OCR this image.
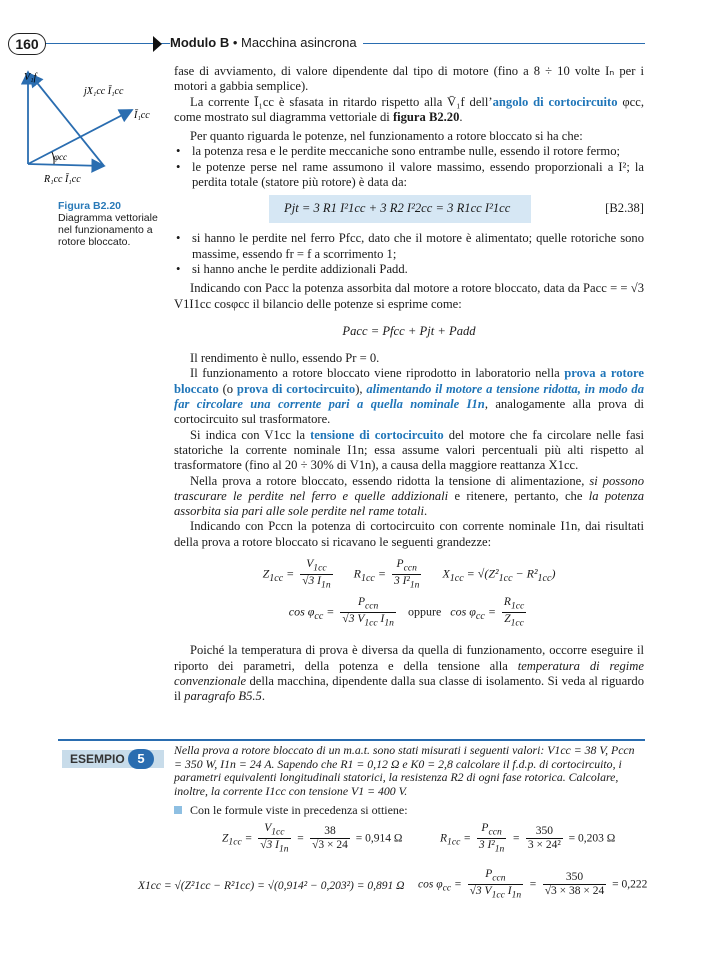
160	Modulo B • Macchina asincrona
V₁f
jX₁cc Ī₁cc
Ī₁cc
φcc
R₁cc Ī₁cc
Figura B2.20
Diagramma vettoriale nel funzionamento a rotore bloccato.

fase di avviamento, di valore dipendente dal tipo di motore (fino a 8 ÷ 10 volte Iₙ per i motori a gabbia semplice).

La corrente Ī₁cc è sfasata in ritardo rispetto alla V̄₁f dell’angolo di cortocircuito φcc, come mostrato sul diagramma vettoriale di figura B2.20.

Per quanto riguarda le potenze, nel funzionamento a rotore bloccato si ha che:

• la potenza resa e le perdite meccaniche sono entrambe nulle, essendo il rotore fermo;
• le potenze perse nel rame assumono il valore massimo, essendo proporzionali a I²; la perdita totale (statore più rotore) è data da:
Pjt = 3 R1 I²1cc + 3 R2 I²2cc = 3 R1cc I²1cc	[B2.38]
• si hanno le perdite nel ferro Pfcc, dato che il motore è alimentato; quelle rotoriche sono massime, essendo fr = f a scorrimento 1;
• si hanno anche le perdite addizionali Padd.

Indicando con Pacc la potenza assorbita dal motore a rotore bloccato, data da Pacc = = √3 V1I1cc cosφcc il bilancio delle potenze si esprime come:

Pacc = Pfcc + Pjt + Padd

Il rendimento è nullo, essendo Pr = 0.

Il funzionamento a rotore bloccato viene riprodotto in laboratorio nella prova a rotore bloccato (o prova di cortocircuito), alimentando il motore a tensione ridotta, in modo da far circolare una corrente pari a quella nominale I1n, analogamente alla prova di cortocircuito sul trasformatore.

Si indica con V1cc la tensione di cortocircuito del motore che fa circolare nelle fasi statoriche la corrente nominale I1n; essa assume valori percentuali più alti rispetto al trasformatore (fino al 20 ÷ 30% di V1n), a causa della maggiore reattanza X1cc.

Nella prova a rotore bloccato, essendo ridotta la tensione di alimentazione, si possono trascurare le perdite nel ferro e quelle addizionali e ritenere, pertanto, che la potenza assorbita sia pari alle sole perdite nel rame totali.

Indicando con Pccn la potenza di cortocircuito con corrente nominale I1n, dai risultati della prova a rotore bloccato si ricavano le seguenti grandezze:

$Z_{1cc} = \frac{V_{1cc}}{√3 I_{1n}} R_{1cc} = \frac{P_{ccn}}{3 I^2_{1n}} X_{1cc} = √(Z^2_{1cc} - R^2_{1cc})$
$\cos \varphi_{cc} = \frac{P_{ccn}}{√3 V_{1cc} I_{1n}}$ oppure   $\cos \varphi_{cc} = \frac{R_{1cc}}{Z_{1cc}}$

Poiché la temperatura di prova è diversa da quella di funzionamento, occorre eseguire il riporto dei parametri, della potenza e della tensione alla temperatura di regime convenzionale della macchina, dipendente dalla sua classe di isolamento. Si veda al riguardo il paragrafo B5.5.

ESEMPIO 5
Nella prova a rotore bloccato di un m.a.t. sono stati misurati i seguenti valori: V1cc = 38 V, Pccn = 350 W, I1n = 24 A. Sapendo che R1 = 0,12 Ω e K0 = 2,8 calcolare il f.d.p. di cortocircuito, i parametri equivalenti longitudinali statorici, la resistenza R2 di ogni fase rotorica. Calcolare, inoltre, la corrente I1cc con tensione V1 = 400 V.
Con le formule viste in precedenza si ottiene:
$Z_{1cc} = \frac{V_{1cc}}{√3 I_{1n}} = \frac{38}{√3 \times 24} = 0,914$ Ω	$R_{1cc} = \frac{P_{ccn}}{3 I^2_{1n}} = \frac{350}{\text{3 × 24²}} = 0,203$ Ω
X1cc = √(Z²1cc − R²1cc) = √(0,914² − 0,203²) = 0,891 Ω $\cos \varphi_{cc} = \frac{P_{ccn}}{√3 V_{1cc} I_{1n}} = \frac{350}{√3 \times 38 \times 24} = 0,222$
